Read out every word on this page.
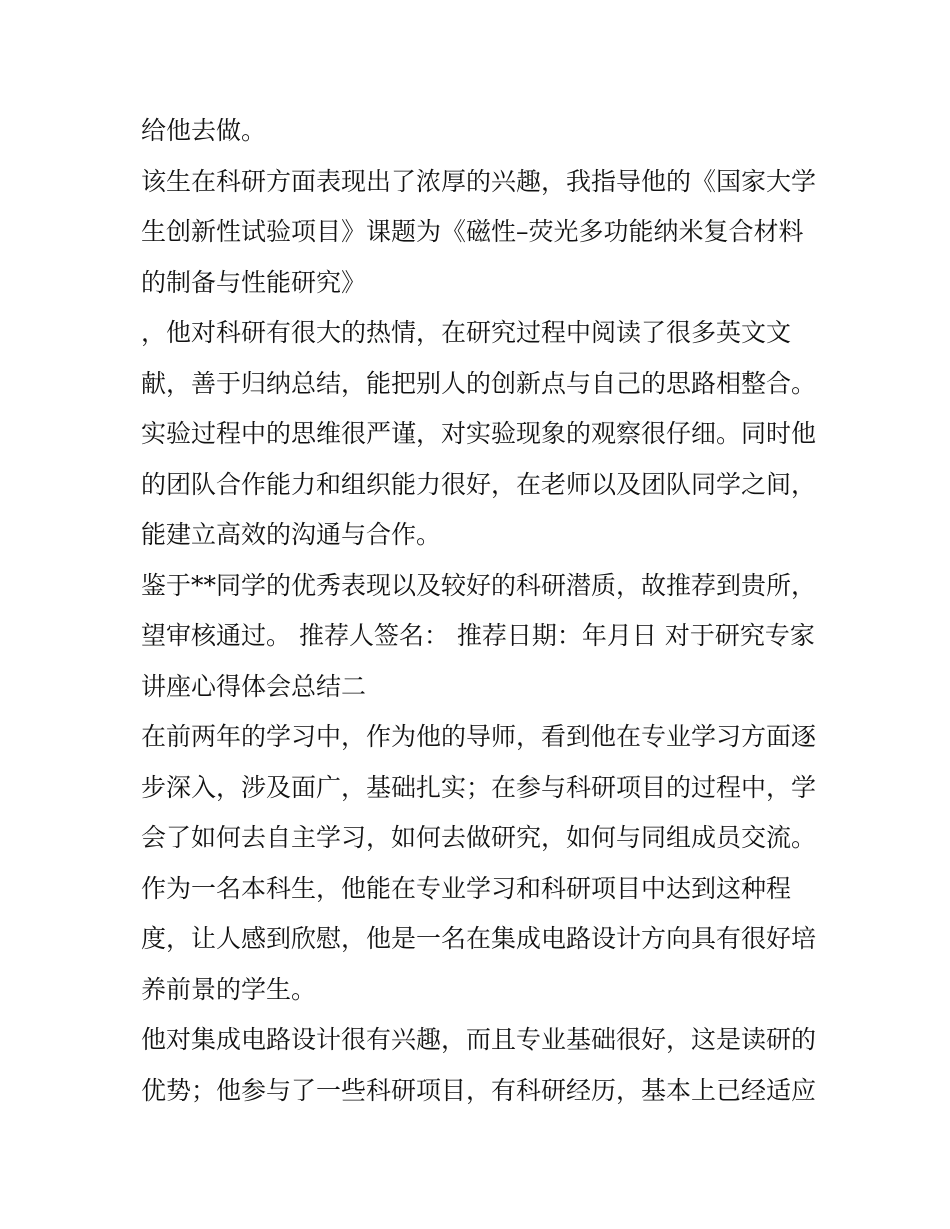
给他去做。
该生在科研方面表现出了浓厚的兴趣，我指导他的《国家大学
生创新性试验项目》课题为《磁性–荧光多功能纳米复合材料
的制备与性能研究》
，他对科研有很大的热情，在研究过程中阅读了很多英文文
献，善于归纳总结，能把别人的创新点与自己的思路相整合。
实验过程中的思维很严谨，对实验现象的观察很仔细。同时他
的团队合作能力和组织能力很好，在老师以及团队同学之间，
能建立高效的沟通与合作。
鉴于**同学的优秀表现以及较好的科研潜质，故推荐到贵所，
望审核通过。 推荐人签名： 推荐日期：年月日 对于研究专家
讲座心得体会总结二
在前两年的学习中，作为他的导师，看到他在专业学习方面逐
步深入，涉及面广，基础扎实；在参与科研项目的过程中，学
会了如何去自主学习，如何去做研究，如何与同组成员交流。
作为一名本科生，他能在专业学习和科研项目中达到这种程
度，让人感到欣慰，他是一名在集成电路设计方向具有很好培
养前景的学生。
他对集成电路设计很有兴趣，而且专业基础很好，这是读研的
优势；他参与了一些科研项目，有科研经历，基本上已经适应
